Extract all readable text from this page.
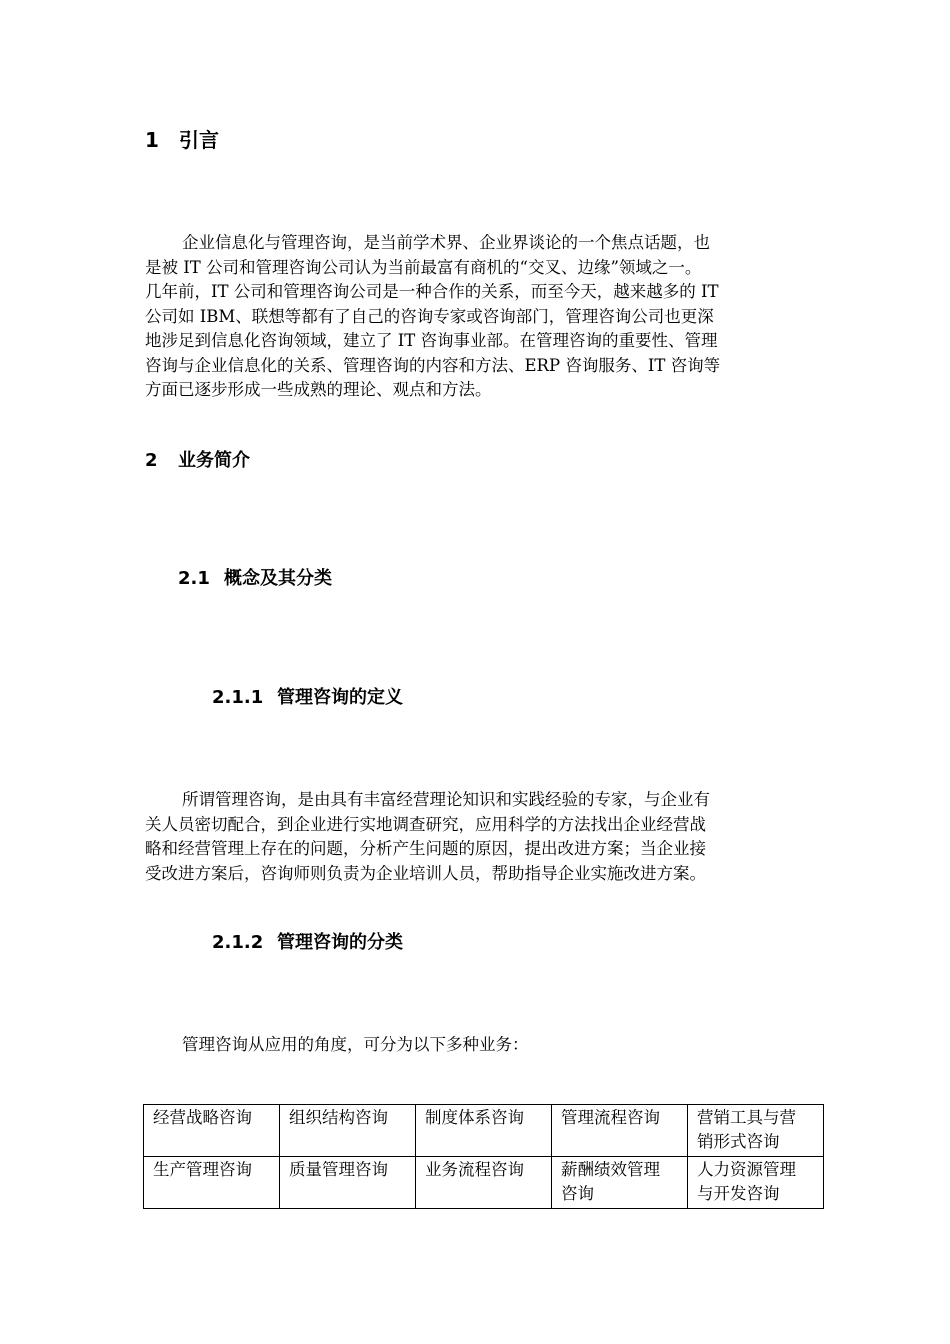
1 引言
企业信息化与管理咨询，是当前学术界、企业界谈论的一个焦点话题，也
是被 IT 公司和管理咨询公司认为当前最富有商机的“交叉、边缘”领域之一。
几年前，IT 公司和管理咨询公司是一种合作的关系，而至今天，越来越多的 IT
公司如 IBM、联想等都有了自己的咨询专家或咨询部门，管理咨询公司也更深
地涉足到信息化咨询领域，建立了 IT 咨询事业部。在管理咨询的重要性、管理
咨询与企业信息化的关系、管理咨询的内容和方法、ERP 咨询服务、IT 咨询等
方面已逐步形成一些成熟的理论、观点和方法。
2 业务简介
2.1 概念及其分类
2.1.1 管理咨询的定义
所谓管理咨询，是由具有丰富经营理论知识和实践经验的专家，与企业有
关人员密切配合，到企业进行实地调查研究，应用科学的方法找出企业经营战
略和经营管理上存在的问题，分析产生问题的原因，提出改进方案；当企业接
受改进方案后，咨询师则负责为企业培训人员，帮助指导企业实施改进方案。
2.1.2 管理咨询的分类
管理咨询从应用的角度，可分为以下多种业务：
经营战略咨询	组织结构咨询	制度体系咨询	管理流程咨询	营销工具与营
销形式咨询

生产管理咨询	质量管理咨询	业务流程咨询	薪酬绩效管理
咨询	人力资源管理
与开发咨询
